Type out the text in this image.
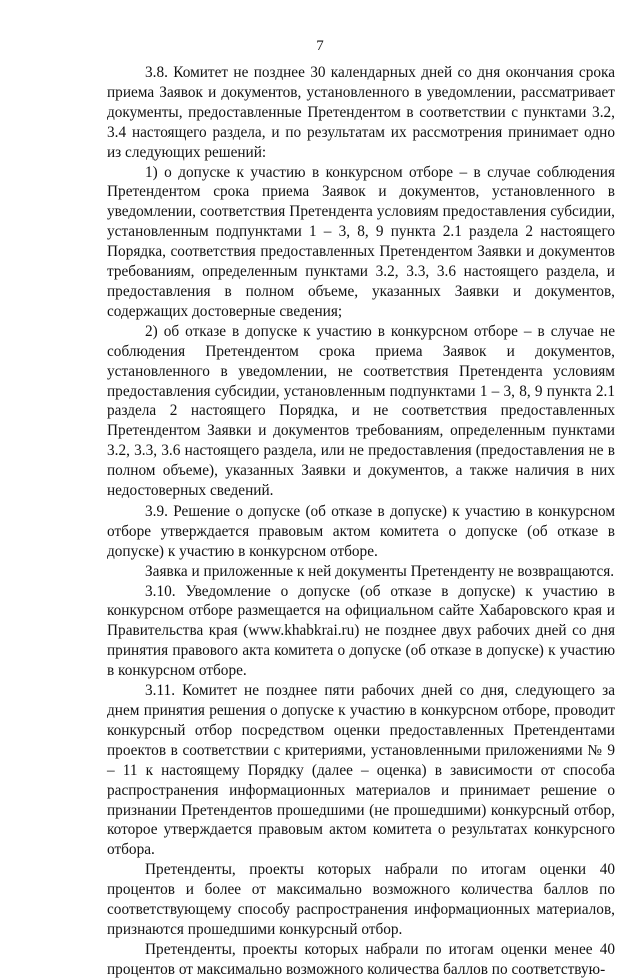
7

3.8. Комитет не позднее 30 календарных дней со дня окончания срока приема Заявок и документов, установленного в уведомлении, рассматривает документы, предоставленные Претендентом в соответствии с пунктами 3.2, 3.4 настоящего раздела, и по результатам их рассмотрения принимает одно из следующих решений:

1) о допуске к участию в конкурсном отборе – в случае соблюдения Претендентом срока приема Заявок и документов, установленного в уведомлении, соответствия Претендента условиям предоставления субсидии, установленным подпунктами 1 – 3, 8, 9 пункта 2.1 раздела 2 настоящего Порядка, соответствия предоставленных Претендентом Заявки и документов требованиям, определенным пунктами 3.2, 3.3, 3.6 настоящего раздела, и предоставления в полном объеме, указанных Заявки и документов, содержащих достоверные сведения;

2) об отказе в допуске к участию в конкурсном отборе – в случае не соблюдения Претендентом срока приема Заявок и документов, установленного в уведомлении, не соответствия Претендента условиям предоставления субсидии, установленным подпунктами 1 – 3, 8, 9 пункта 2.1 раздела 2 настоящего Порядка, и не соответствия предоставленных Претендентом Заявки и документов требованиям, определенным пунктами 3.2, 3.3, 3.6 настоящего раздела, или не предоставления (предоставления не в полном объеме), указанных Заявки и документов, а также наличия в них недостоверных сведений.

3.9. Решение о допуске (об отказе в допуске) к участию в конкурсном отборе утверждается правовым актом комитета о допуске (об отказе в допуске) к участию в конкурсном отборе.

Заявка и приложенные к ней документы Претенденту не возвращаются.

3.10. Уведомление о допуске (об отказе в допуске) к участию в конкурсном отборе размещается на официальном сайте Хабаровского края и Правительства края (www.khabkrai.ru) не позднее двух рабочих дней со дня принятия правового акта комитета о допуске (об отказе в допуске) к участию в конкурсном отборе.

3.11. Комитет не позднее пяти рабочих дней со дня, следующего за днем принятия решения о допуске к участию в конкурсном отборе, проводит конкурсный отбор посредством оценки предоставленных Претендентами проектов в соответствии с критериями, установленными приложениями № 9 – 11 к настоящему Порядку (далее – оценка) в зависимости от способа распространения информационных материалов и принимает решение о признании Претендентов прошедшими (не прошедшими) конкурсный отбор, которое утверждается правовым актом комитета о результатах конкурсного отбора.

Претенденты, проекты которых набрали по итогам оценки 40 процентов и более от максимально возможного количества баллов по соответствующему способу распространения информационных материалов, признаются прошедшими конкурсный отбор.

Претенденты, проекты которых набрали по итогам оценки менее 40 процентов от максимально возможного количества баллов по соответствую-
